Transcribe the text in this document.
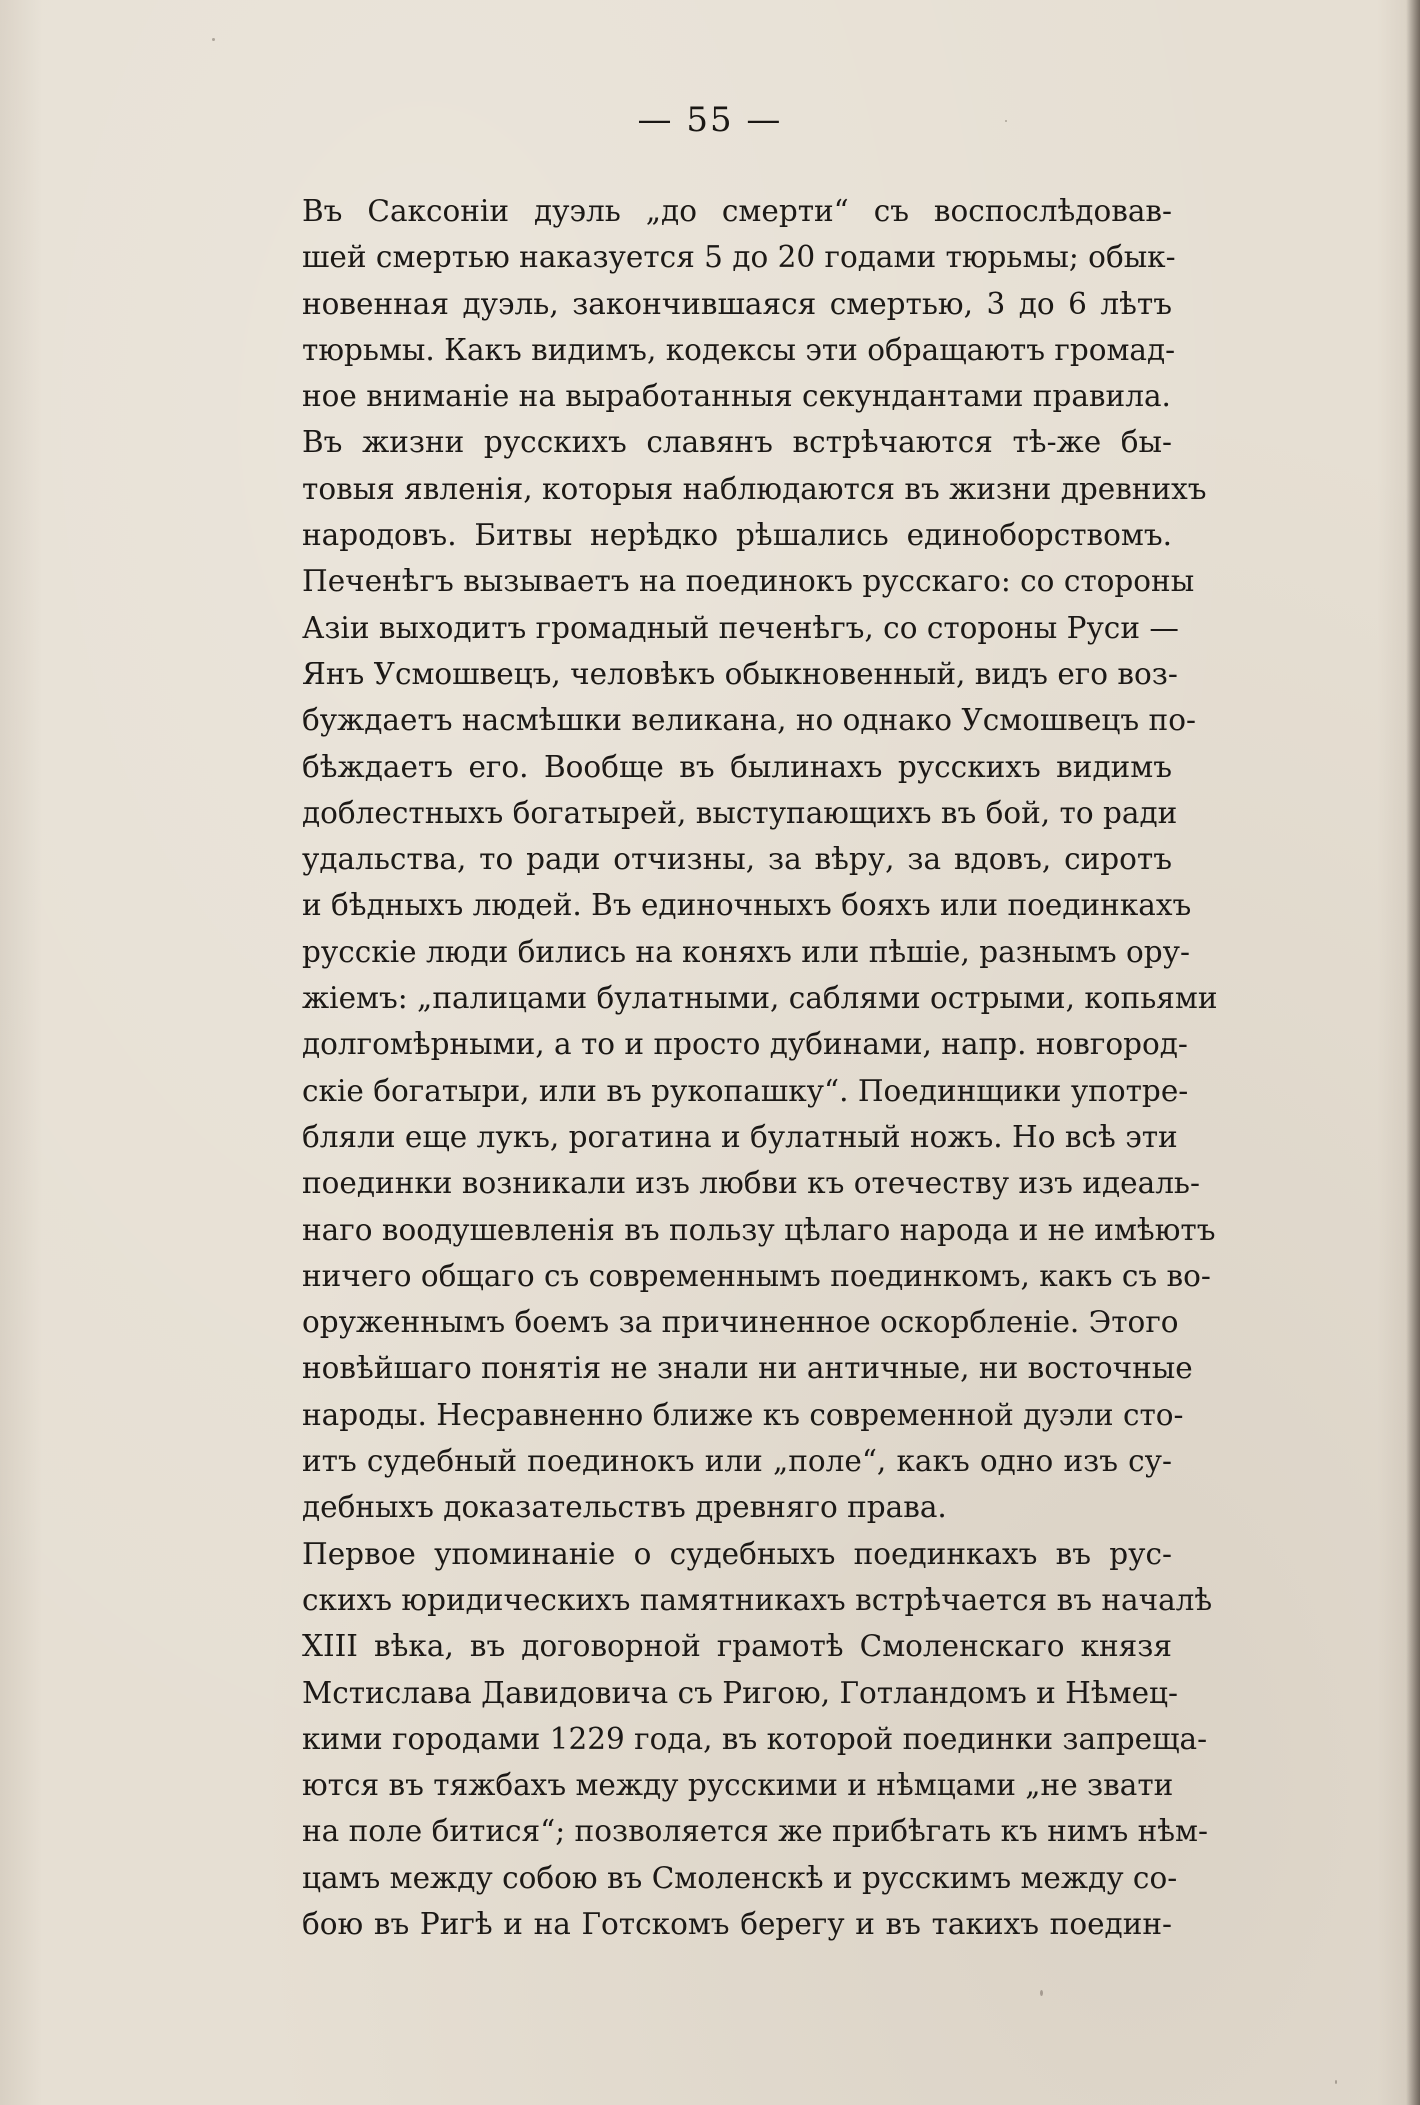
— 55 —

Въ Саксоніи дуэль „до смерти“ съ воспослѣдовав-
шей смертью наказуется 5 до 20 годами тюрьмы; обык-
новенная дуэль, закончившаяся смертью, 3 до 6 лѣтъ
тюрьмы. Какъ видимъ, кодексы эти обращаютъ громад-
ное вниманіе на выработанныя секундантами правила.

Въ жизни русскихъ славянъ встрѣчаются тѣ-же бы-
товыя явленія, которыя наблюдаются въ жизни древнихъ
народовъ. Битвы нерѣдко рѣшались единоборствомъ.
Печенѣгъ вызываетъ на поединокъ русскаго: со стороны
Азіи выходитъ громадный печенѣгъ, со стороны Руси —
Янъ Усмошвецъ, человѣкъ обыкновенный, видъ его воз-
буждаетъ насмѣшки великана, но однако Усмошвецъ по-
бѣждаетъ его. Вообще въ былинахъ русскихъ видимъ
доблестныхъ богатырей, выступающихъ въ бой, то ради
удальства, то ради отчизны, за вѣру, за вдовъ, сиротъ
и бѣдныхъ людей. Въ единочныхъ бояхъ или поединкахъ
русскіе люди бились на коняхъ или пѣшіе, разнымъ ору-
жіемъ: „палицами булатными, саблями острыми, копьями
долгомѣрными, а то и просто дубинами, напр. новгород-
скіе богатыри, или въ рукопашку“. Поединщики употре-
бляли еще лукъ, рогатина и булатный ножъ. Но всѣ эти
поединки возникали изъ любви къ отечеству изъ идеаль-
наго воодушевленія въ пользу цѣлаго народа и не имѣютъ
ничего общаго съ современнымъ поединкомъ, какъ съ во-
оруженнымъ боемъ за причиненное оскорбленіе. Этого
новѣйшаго понятія не знали ни античные, ни восточные
народы. Несравненно ближе къ современной дуэли сто-
итъ судебный поединокъ или „поле“, какъ одно изъ су-
дебныхъ доказательствъ древняго права.

Первое упоминаніе о судебныхъ поединкахъ въ рус-
скихъ юридическихъ памятникахъ встрѣчается въ началѣ
XIII вѣка, въ договорной грамотѣ Смоленскаго князя
Мстислава Давидовича съ Ригою, Готландомъ и Нѣмец-
кими городами 1229 года, въ которой поединки запреща-
ются въ тяжбахъ между русскими и нѣмцами „не звати
на поле битися“; позволяется же прибѣгать къ нимъ нѣм-
цамъ между собою въ Смоленскѣ и русскимъ между со-
бою въ Ригѣ и на Готскомъ берегу и въ такихъ поедин-
